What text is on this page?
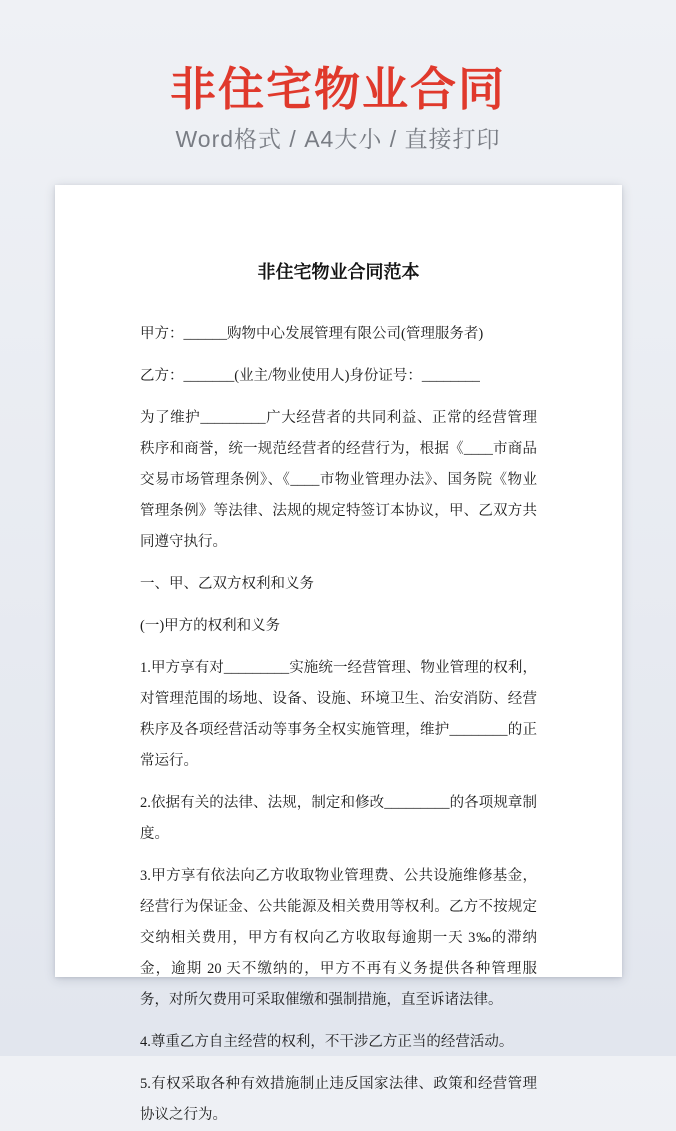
非住宅物业合同

Word格式 / A4大小 / 直接打印

非住宅物业合同范本

甲方：______购物中心发展管理有限公司(管理服务者)

乙方：_______(业主/物业使用人)身份证号：________

为了维护_________广大经营者的共同利益、正常的经营管理秩序和商誉，统一规范经营者的经营行为，根据《____市商品交易市场管理条例》、《____市物业管理办法》、国务院《物业管理条例》等法律、法规的规定特签订本协议，甲、乙双方共同遵守执行。

一、甲、乙双方权利和义务

(一)甲方的权利和义务

1.甲方享有对_________实施统一经营管理、物业管理的权利，对管理范围的场地、设备、设施、环境卫生、治安消防、经营秩序及各项经营活动等事务全权实施管理，维护________的正常运行。

2.依据有关的法律、法规，制定和修改_________的各项规章制度。

3.甲方享有依法向乙方收取物业管理费、公共设施维修基金，经营行为保证金、公共能源及相关费用等权利。乙方不按规定交纳相关费用，甲方有权向乙方收取每逾期一天 3‰的滞纳金，逾期 20 天不缴纳的，甲方不再有义务提供各种管理服务，对所欠费用可采取催缴和强制措施，直至诉诸法律。

4.尊重乙方自主经营的权利，不干涉乙方正当的经营活动。

5.有权采取各种有效措施制止违反国家法律、政策和经营管理协议之行为。
